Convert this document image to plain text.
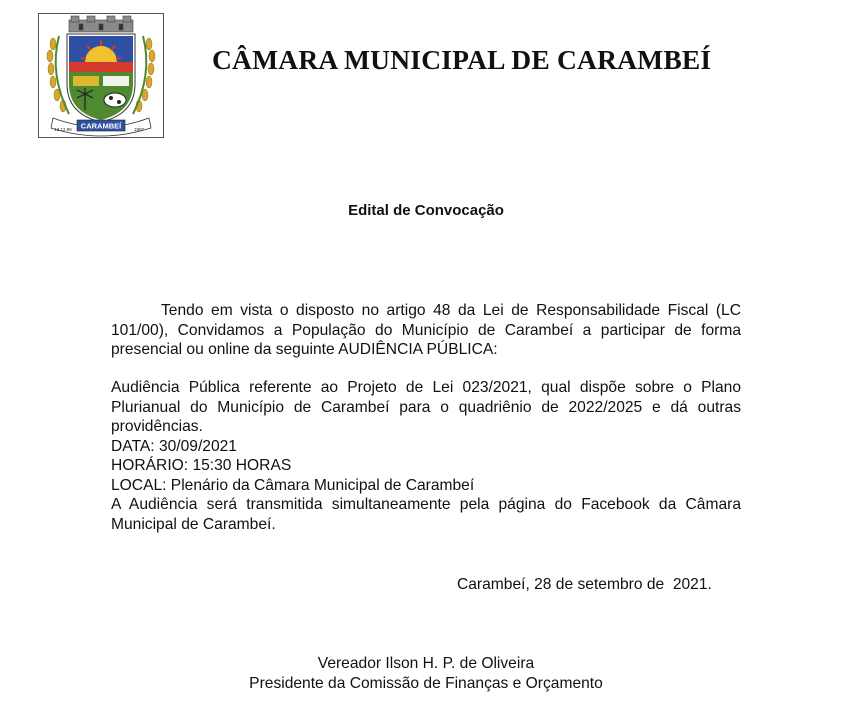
CARAMBEÍ
13.12.95	1997
CÂMARA MUNICIPAL DE CARAMBEÍ
Edital de Convocação
Tendo em vista o disposto no artigo 48 da Lei de Responsabilidade Fiscal (LC 101/00), Convidamos a População do Município de Carambeí a participar de forma presencial ou online da seguinte AUDIÊNCIA PÚBLICA:
Audiência Pública referente ao Projeto de Lei 023/2021, qual dispõe sobre o Plano Plurianual do Município de Carambeí para o quadriênio de 2022/2025 e dá outras providências.
DATA: 30/09/2021
HORÁRIO: 15:30 HORAS
LOCAL: Plenário da Câmara Municipal de Carambeí
A Audiência será transmitida simultaneamente pela página do Facebook da Câmara Municipal de Carambeí.
Carambeí, 28 de setembro de  2021.
Vereador Ilson H. P. de Oliveira
Presidente da Comissão de Finanças e Orçamento
